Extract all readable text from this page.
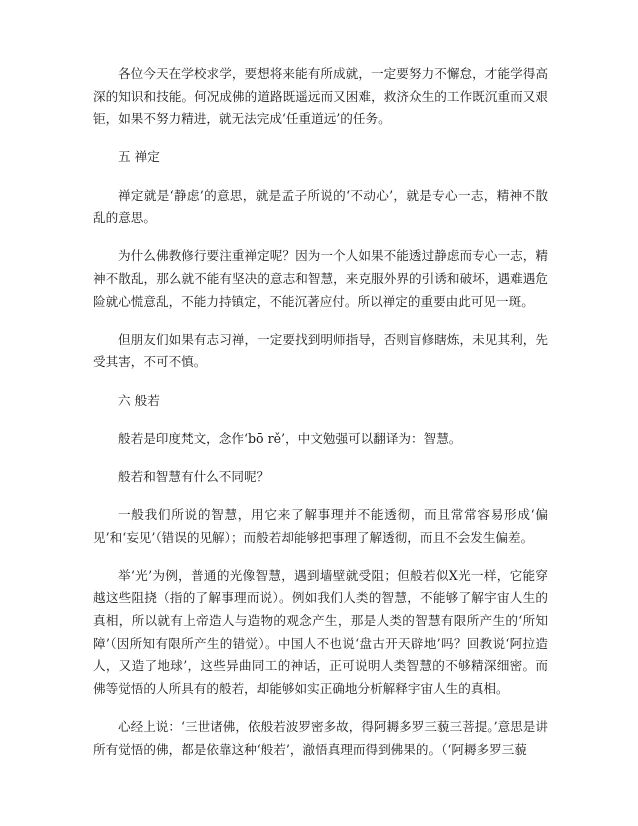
各位今天在学校求学，要想将来能有所成就，一定要努力不懈怠，才能学得高深的知识和技能。何况成佛的道路既遥远而又困难，救济众生的工作既沉重而又艰钜，如果不努力精进，就无法完成‘任重道远’的任务。

五 禅定

禅定就是‘静虑’的意思，就是孟子所说的‘不动心’，就是专心一志，精神不散乱的意思。

为什么佛教修行要注重禅定呢？因为一个人如果不能透过静虑而专心一志，精神不散乱，那么就不能有坚决的意志和智慧，来克服外界的引诱和破坏，遇难遇危险就心慌意乱，不能力持镇定，不能沉著应付。所以禅定的重要由此可见一斑。

但朋友们如果有志习禅，一定要找到明师指导，否则盲修瞎炼，未见其利，先受其害，不可不慎。

六 般若

般若是印度梵文，念作‘bō rě’，中文勉强可以翻译为：智慧。

般若和智慧有什么不同呢？

一般我们所说的智慧，用它来了解事理并不能透彻，而且常常容易形成‘偏见’和‘妄见’（错误的见解）；而般若却能够把事理了解透彻，而且不会发生偏差。

举‘光’为例，普通的光像智慧，遇到墙壁就受阻；但般若似X光一样，它能穿越这些阻挠（指的了解事理而说）。例如我们人类的智慧，不能够了解宇宙人生的真相，所以就有上帝造人与造物的观念产生，那是人类的智慧有限所产生的‘所知障’（因所知有限所产生的错觉）。中国人不也说‘盘古开天辟地’吗？回教说‘阿拉造人，又造了地球’，这些异曲同工的神话，正可说明人类智慧的不够精深细密。而佛等觉悟的人所具有的般若，却能够如实正确地分析解释宇宙人生的真相。

心经上说：‘三世诸佛，依般若波罗密多故，得阿耨多罗三藐三菩提。’意思是讲所有觉悟的佛，都是依靠这种‘般若’，澈悟真理而得到佛果的。（‘阿耨多罗三藐
